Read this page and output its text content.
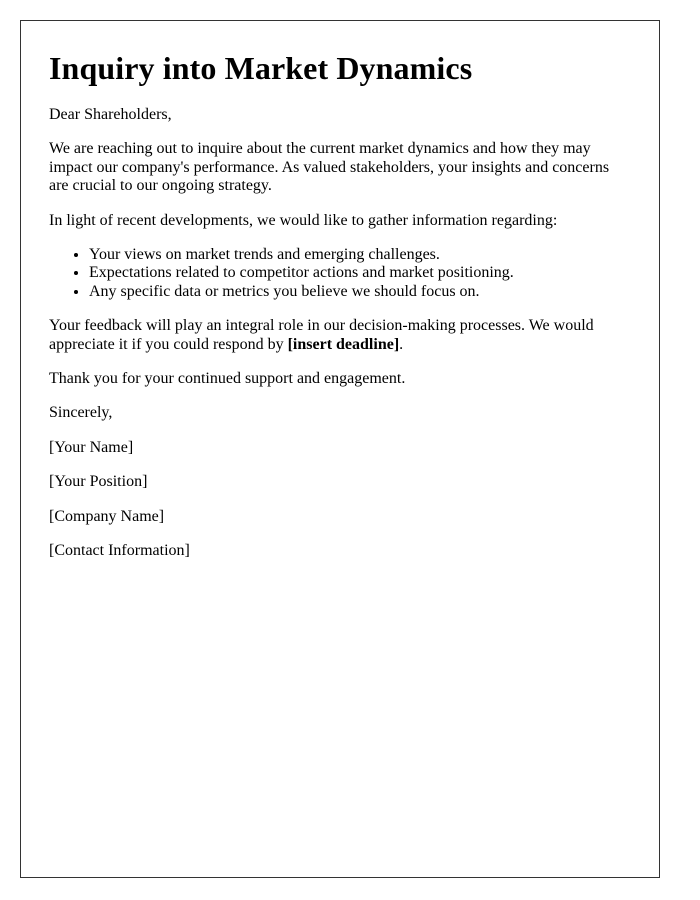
Inquiry into Market Dynamics

Dear Shareholders,

We are reaching out to inquire about the current market dynamics and how they may impact our company's performance. As valued stakeholders, your insights and concerns are crucial to our ongoing strategy.

In light of recent developments, we would like to gather information regarding:

• Your views on market trends and emerging challenges.
• Expectations related to competitor actions and market positioning.
• Any specific data or metrics you believe we should focus on.

Your feedback will play an integral role in our decision-making processes. We would appreciate it if you could respond by [insert deadline].

Thank you for your continued support and engagement.

Sincerely,

[Your Name]

[Your Position]

[Company Name]

[Contact Information]
